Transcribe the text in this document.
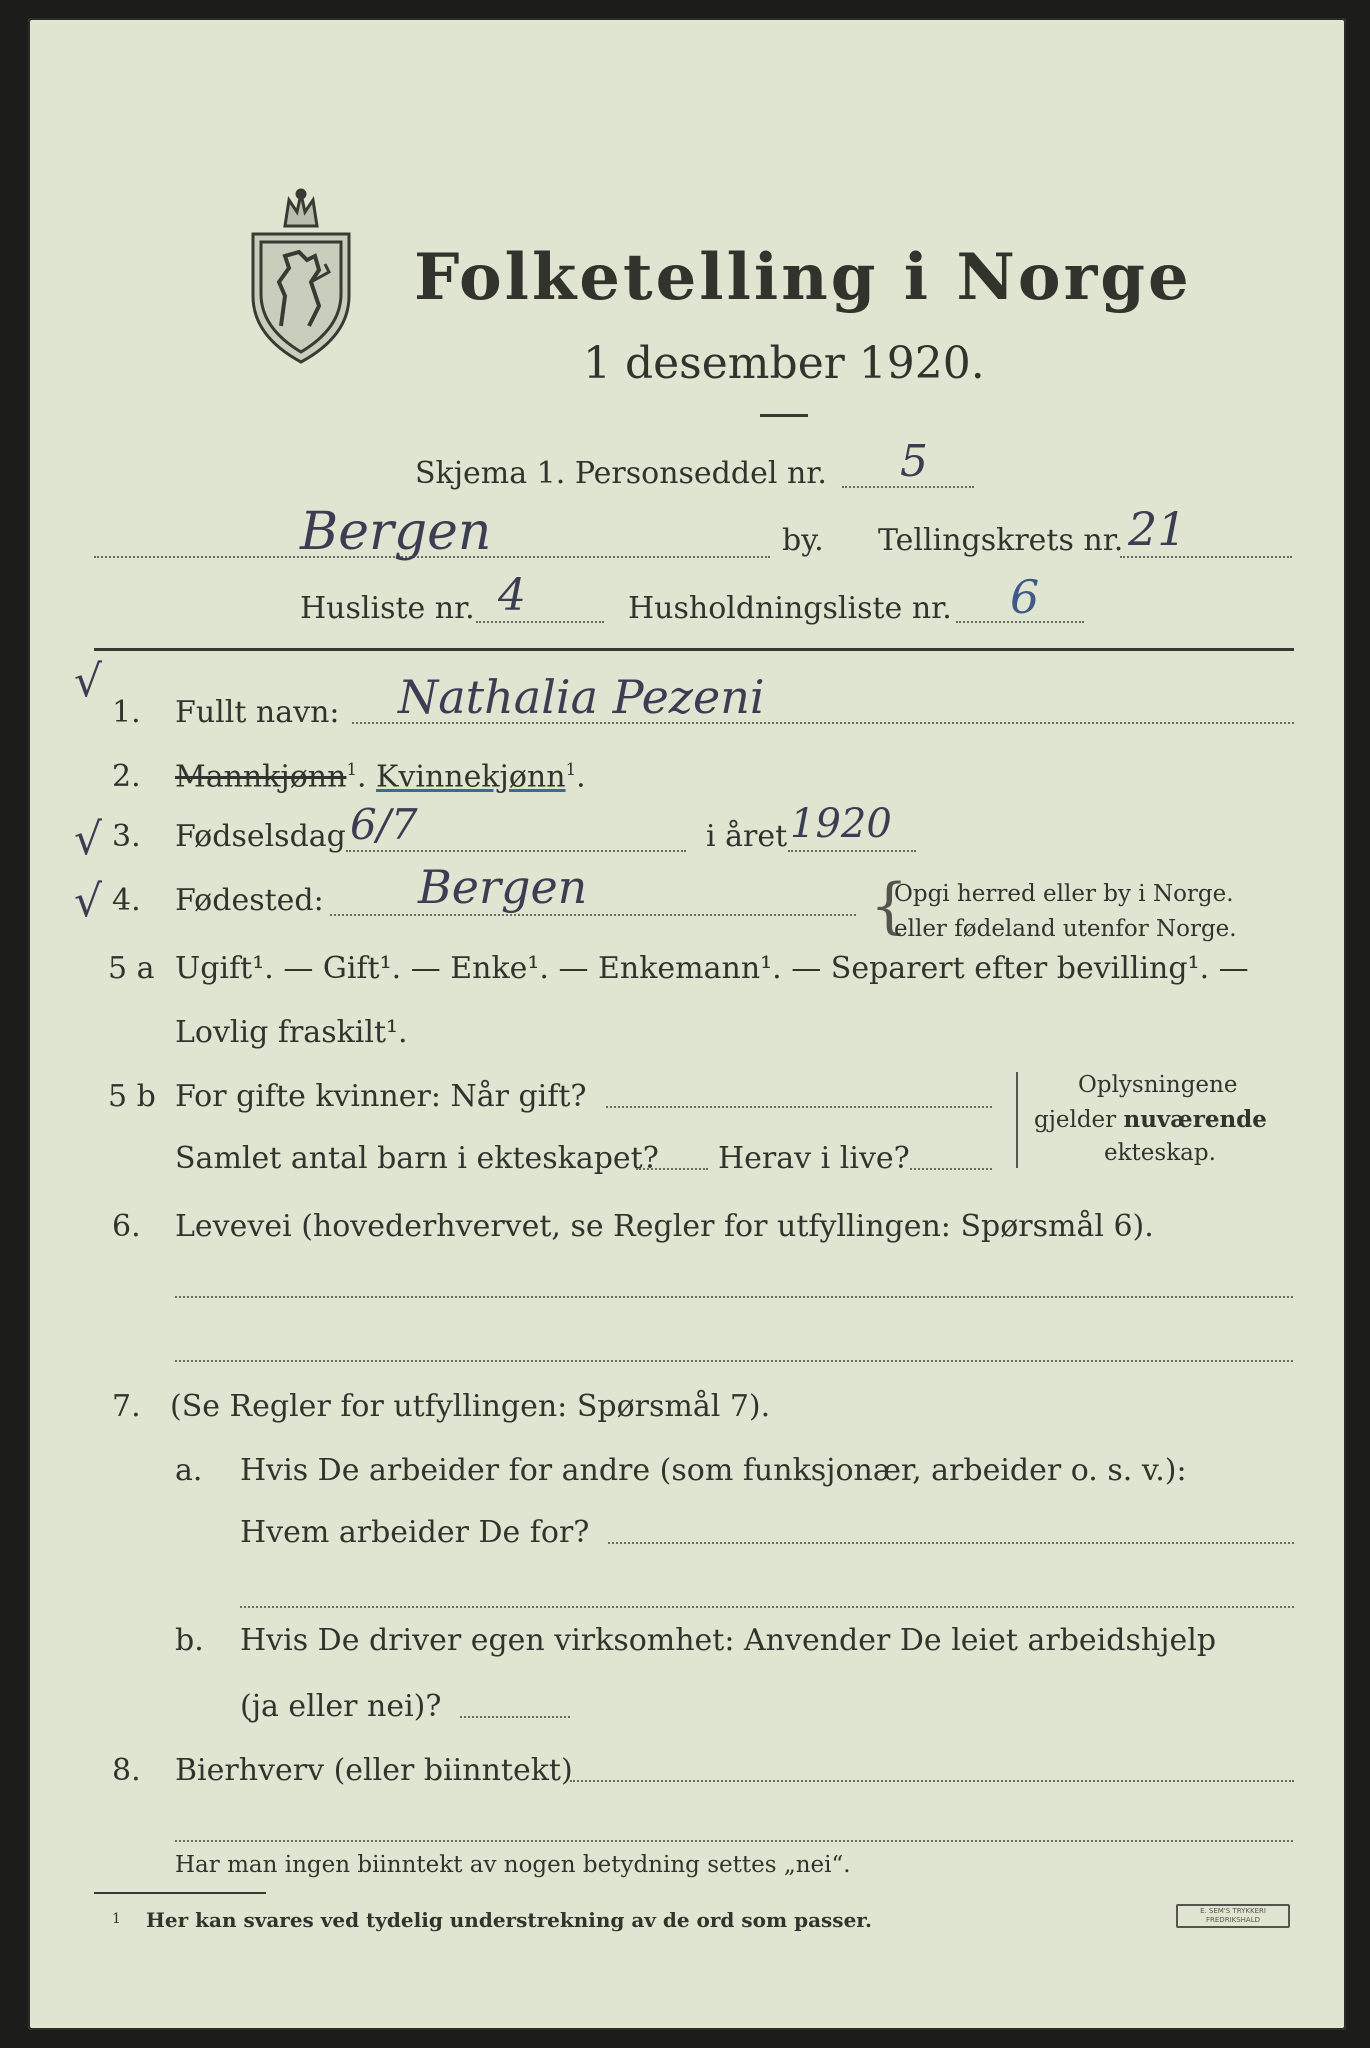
Folketelling i Norge
1 desember 1920.
Skjema 1. Personseddel nr. 5
Bergen	by. Tellingskrets nr. 21
Husliste nr. 4	Husholdningsliste nr. 6
√
√
√
1. Fullt navn: Nathalia Pezeni
2. Mannkjønn$^1$. Kvinnekjønn$^1$.
3. Fødselsdag 6/7	i året 1920
4. Fødested: Bergen	{
Opgi herred eller by i Norge.
eller fødeland utenfor Norge.
5 a Ugift¹. — Gift¹. — Enke¹. — Enkemann¹. — Separert efter bevilling¹. —
Lovlig fraskilt¹.
5 b For gifte kvinner: Når gift?
Samlet antal barn i ekteskapet? Herav i live?
Oplysningene
gjelder nuværende
ekteskap.
6. Levevei (hovederhvervet, se Regler for utfyllingen: Spørsmål 6).
7. (Se Regler for utfyllingen: Spørsmål 7).
a. Hvis De arbeider for andre (som funksjonær, arbeider o. s. v.):
Hvem arbeider De for?
b. Hvis De driver egen virksomhet: Anvender De leiet arbeidshjelp
(ja eller nei)?
8. Bierhverv (eller biinntekt)
Har man ingen biinntekt av nogen betydning settes „nei“.
1 Her kan svares ved tydelig understrekning av de ord som passer.	E. SEM'S TRYKKERI
FREDRIKSHALD
